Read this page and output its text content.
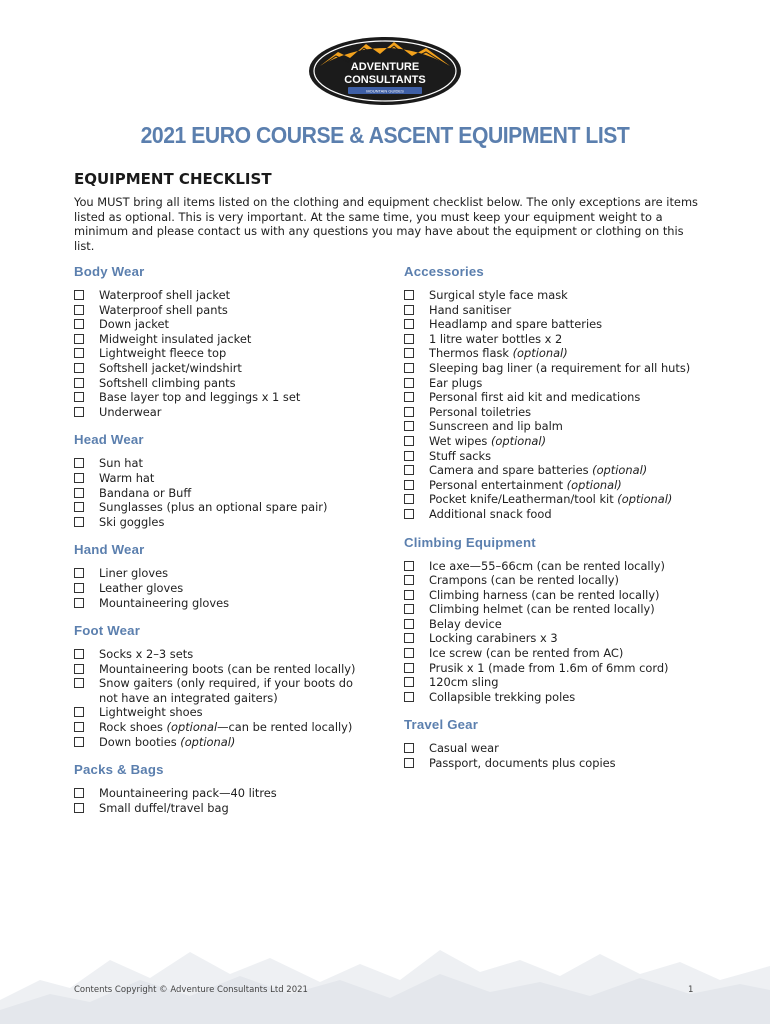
ADVENTURE
CONSULTANTS
MOUNTAIN GUIDES
2021 EURO COURSE & ASCENT EQUIPMENT LIST
EQUIPMENT CHECKLIST
You MUST bring all items listed on the clothing and equipment checklist below. The only exceptions are items listed as optional. This is very important. At the same time, you must keep your equipment weight to a minimum and please contact us with any questions you may have about the equipment or clothing on this list.
Body Wear
Waterproof shell jacket
Waterproof shell pants
Down jacket
Midweight insulated jacket
Lightweight fleece top
Softshell jacket/windshirt
Softshell climbing pants
Base layer top and leggings x 1 set
Underwear
Head Wear
Sun hat
Warm hat
Bandana or Buff
Sunglasses (plus an optional spare pair)
Ski goggles
Hand Wear
Liner gloves
Leather gloves
Mountaineering gloves
Foot Wear
Socks x 2–3 sets
Mountaineering boots (can be rented locally)
Snow gaiters (only required, if your boots do not have an integrated gaiters)
Lightweight shoes
Rock shoes (optional—can be rented locally)
Down booties (optional)
Packs & Bags
Mountaineering pack—40 litres
Small duffel/travel bag
Accessories
Surgical style face mask
Hand sanitiser
Headlamp and spare batteries
1 litre water bottles x 2
Thermos flask (optional)
Sleeping bag liner (a requirement for all huts)
Ear plugs
Personal first aid kit and medications
Personal toiletries
Sunscreen and lip balm
Wet wipes (optional)
Stuff sacks
Camera and spare batteries (optional)
Personal entertainment (optional)
Pocket knife/Leatherman/tool kit (optional)
Additional snack food
Climbing Equipment
Ice axe—55–66cm (can be rented locally)
Crampons (can be rented locally)
Climbing harness (can be rented locally)
Climbing helmet (can be rented locally)
Belay device
Locking carabiners x 3
Ice screw (can be rented from AC)
Prusik x 1 (made from 1.6m of 6mm cord)
120cm sling
Collapsible trekking poles
Travel Gear
Casual wear
Passport, documents plus copies
Contents Copyright © Adventure Consultants Ltd 2021	1
